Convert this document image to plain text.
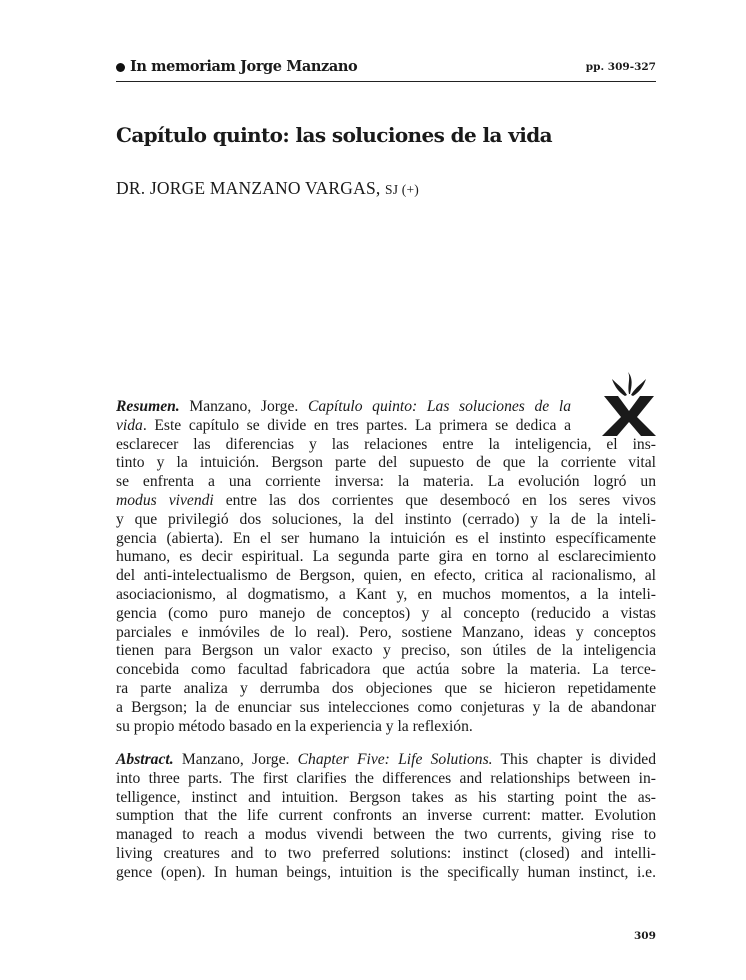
In memoriam Jorge Manzano	pp. 309-327
Capítulo quinto: las soluciones de la vida
DR. JORGE MANZANO VARGAS, SJ (+)
Resumen. Manzano, Jorge. Capítulo quinto: Las soluciones de la
vida. Este capítulo se divide en tres partes. La primera se dedica a
esclarecer las diferencias y las relaciones entre la inteligencia, el ins-
tinto y la intuición. Bergson parte del supuesto de que la corriente vital
se enfrenta a una corriente inversa: la materia. La evolución logró un
modus vivendi entre las dos corrientes que desembocó en los seres vivos
y que privilegió dos soluciones, la del instinto (cerrado) y la de la inteli-
gencia (abierta). En el ser humano la intuición es el instinto específicamente
humano, es decir espiritual. La segunda parte gira en torno al esclarecimiento
del anti-intelectualismo de Bergson, quien, en efecto, critica al racionalismo, al
asociacionismo, al dogmatismo, a Kant y, en muchos momentos, a la inteli-
gencia (como puro manejo de conceptos) y al concepto (reducido a vistas
parciales e inmóviles de lo real). Pero, sostiene Manzano, ideas y conceptos
tienen para Bergson un valor exacto y preciso, son útiles de la inteligencia
concebida como facultad fabricadora que actúa sobre la materia. La terce-
ra parte analiza y derrumba dos objeciones que se hicieron repetidamente
a Bergson; la de enunciar sus intelecciones como conjeturas y la de abandonar
su propio método basado en la experiencia y la reflexión.
Abstract. Manzano, Jorge. Chapter Five: Life Solutions. This chapter is divided
into three parts. The first clarifies the differences and relationships between in-
telligence, instinct and intuition. Bergson takes as his starting point the as-
sumption that the life current confronts an inverse current: matter. Evolution
managed to reach a modus vivendi between the two currents, giving rise to
living creatures and to two preferred solutions: instinct (closed) and intelli-
gence (open). In human beings, intuition is the specifically human instinct, i.e.
309
